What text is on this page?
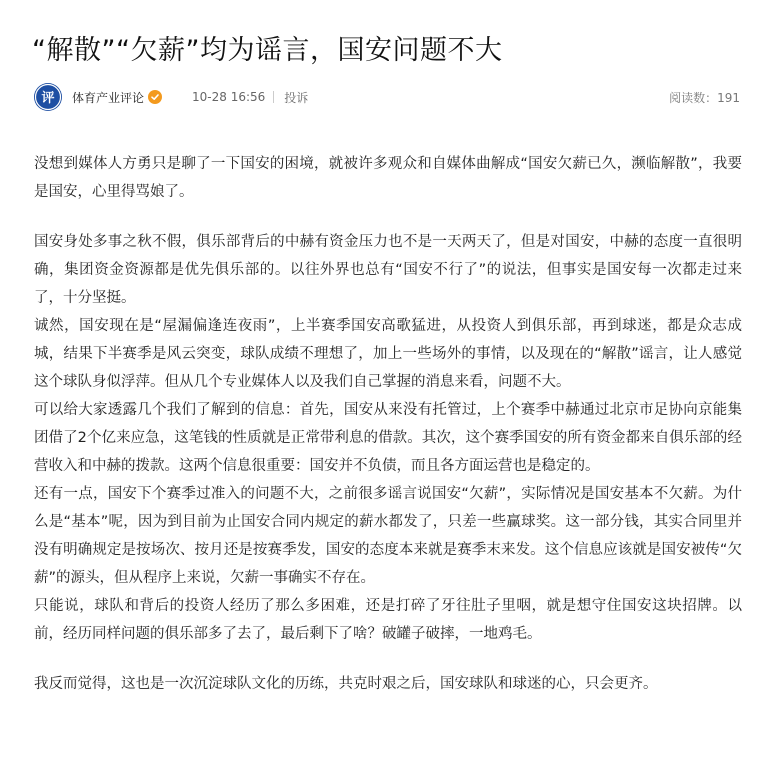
“解散”“欠薪”均为谣言，国安问题不大
评 体育产业评论	10-28 16:56 投诉	阅读数：191

没想到媒体人方勇只是聊了一下国安的困境，就被许多观众和自媒体曲解成“国安欠薪已久，濒临解散”，我要是国安，心里得骂娘了。

国安身处多事之秋不假，俱乐部背后的中赫有资金压力也不是一天两天了，但是对国安，中赫的态度一直很明确，集团资金资源都是优先俱乐部的。以往外界也总有“国安不行了”的说法，但事实是国安每一次都走过来了，十分坚挺。

诚然，国安现在是“屋漏偏逢连夜雨”，上半赛季国安高歌猛进，从投资人到俱乐部，再到球迷，都是众志成城，结果下半赛季是风云突变，球队成绩不理想了，加上一些场外的事情，以及现在的“解散”谣言，让人感觉这个球队身似浮萍。但从几个专业媒体人以及我们自己掌握的消息来看，问题不大。

可以给大家透露几个我们了解到的信息：首先，国安从来没有托管过，上个赛季中赫通过北京市足协向京能集团借了2个亿来应急，这笔钱的性质就是正常带利息的借款。其次，这个赛季国安的所有资金都来自俱乐部的经营收入和中赫的拨款。这两个信息很重要：国安并不负债，而且各方面运营也是稳定的。

还有一点，国安下个赛季过准入的问题不大，之前很多谣言说国安“欠薪”，实际情况是国安基本不欠薪。为什么是“基本”呢，因为到目前为止国安合同内规定的薪水都发了，只差一些赢球奖。这一部分钱，其实合同里并没有明确规定是按场次、按月还是按赛季发，国安的态度本来就是赛季末来发。这个信息应该就是国安被传“欠薪”的源头，但从程序上来说，欠薪一事确实不存在。

只能说，球队和背后的投资人经历了那么多困难，还是打碎了牙往肚子里咽，就是想守住国安这块招牌。以前，经历同样问题的俱乐部多了去了，最后剩下了啥？破罐子破摔，一地鸡毛。

我反而觉得，这也是一次沉淀球队文化的历练，共克时艰之后，国安球队和球迷的心，只会更齐。
